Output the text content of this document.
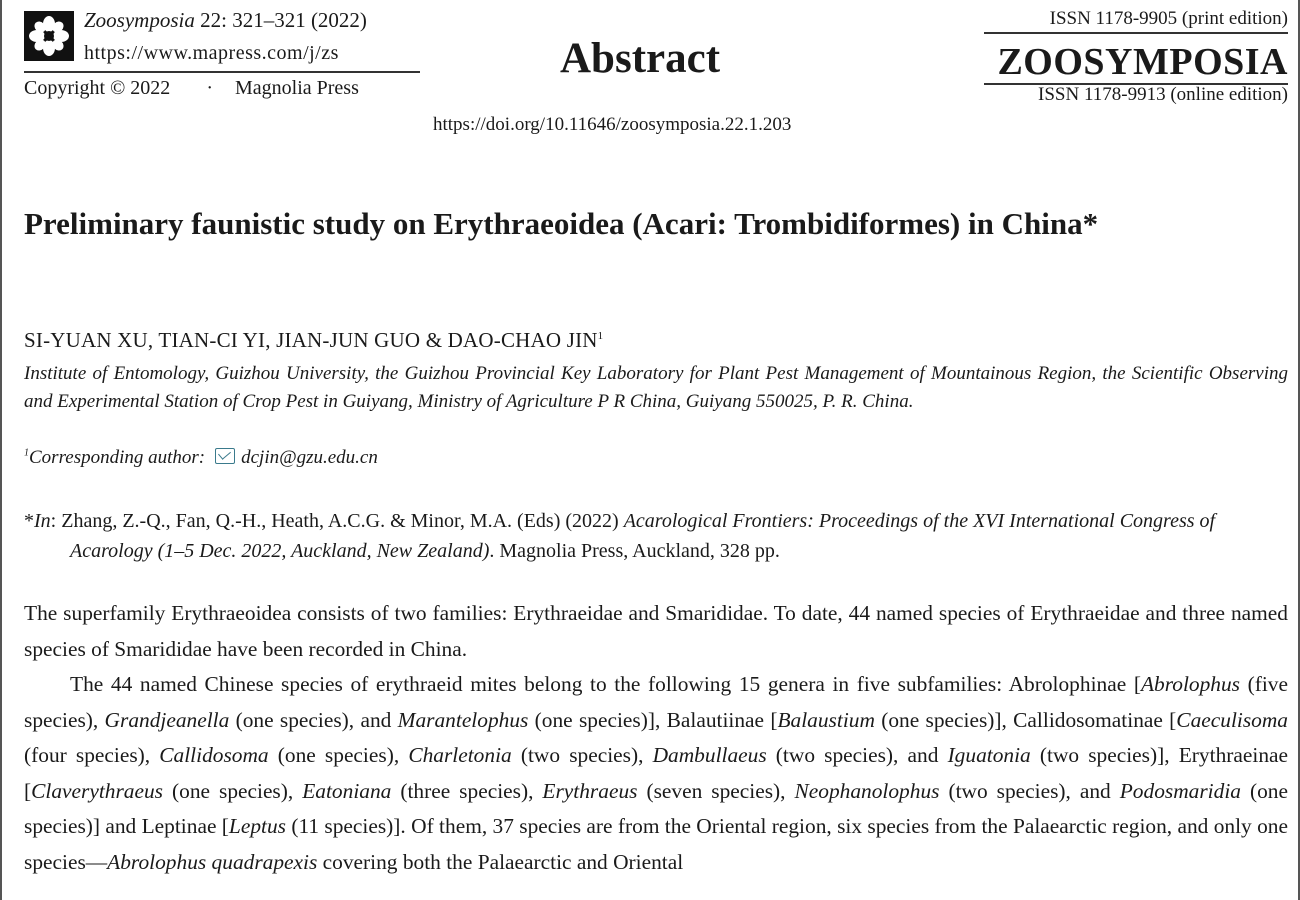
Zoosymposia 22: 321–321 (2022)
https://www.mapress.com/j/zs
Copyright © 2022 · Magnolia Press
Abstract
https://doi.org/10.11646/zoosymposia.22.1.203
ISSN 1178-9905 (print edition)
ZOOSYMPOSIA
ISSN 1178-9913 (online edition)
Preliminary faunistic study on Erythraeoidea (Acari: Trombidiformes) in China*
SI-YUAN XU, TIAN-CI YI, JIAN-JUN GUO & DAO-CHAO JIN$^1$
Institute of Entomology, Guizhou University, the Guizhou Provincial Key Laboratory for Plant Pest Management of Mountainous Region, the Scientific Observing and Experimental Station of Crop Pest in Guiyang, Ministry of Agriculture P R China, Guiyang 550025, P. R. China.
$^1$Corresponding author: dcjin@gzu.edu.cn
*In: Zhang, Z.-Q., Fan, Q.-H., Heath, A.C.G. & Minor, M.A. (Eds) (2022) Acarological Frontiers: Proceedings of the XVI International Congress of Acarology (1–5 Dec. 2022, Auckland, New Zealand). Magnolia Press, Auckland, 328 pp.

The superfamily Erythraeoidea consists of two families: Erythraeidae and Smarididae. To date, 44 named species of Erythraeidae and three named species of Smarididae have been recorded in China.

The 44 named Chinese species of erythraeid mites belong to the following 15 genera in five subfamilies: Abrolophinae [Abrolophus (five species), Grandjeanella (one species), and Marantelophus (one species)], Balautiinae [Balaustium (one species)], Callidosomatinae [Caeculisoma (four species), Callidosoma (one species), Charletonia (two species), Dambullaeus (two species), and Iguatonia (two species)], Erythraeinae [Claverythraeus (one species), Eatoniana (three species), Erythraeus (seven species), Neophanolophus (two species), and Podosmaridia (one species)] and Leptinae [Leptus (11 species)]. Of them, 37 species are from the Oriental region, six species from the Palaearctic region, and only one species—Abrolophus quadrapexis covering both the Palaearctic and Oriental
